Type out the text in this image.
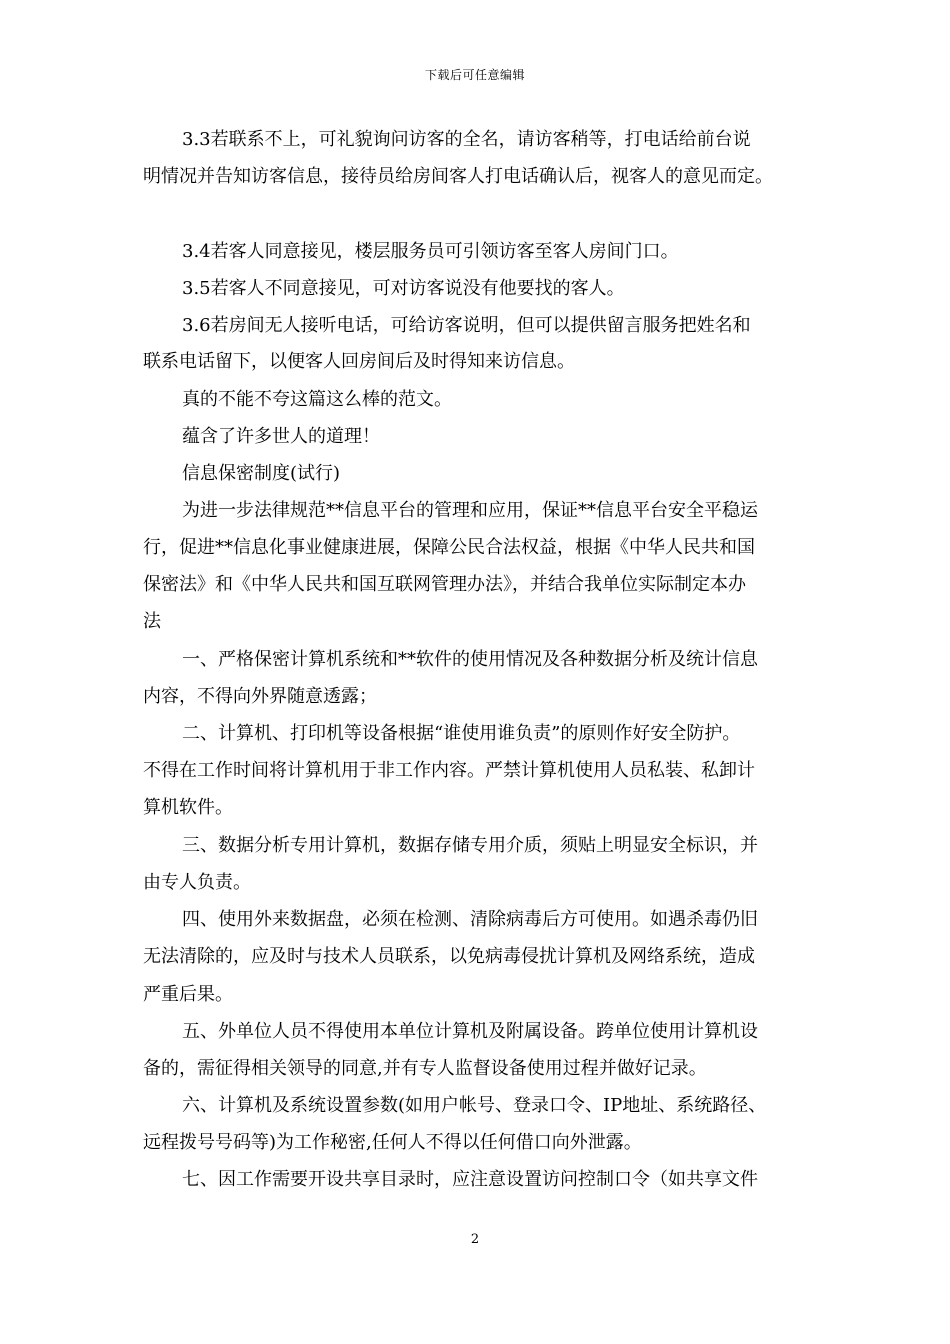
下载后可任意编辑
3.3若联系不上，可礼貌询问访客的全名，请访客稍等，打电话给前台说
明情况并告知访客信息，接待员给房间客人打电话确认后，视客人的意见而定。
3.4若客人同意接见，楼层服务员可引领访客至客人房间门口。
3.5若客人不同意接见，可对访客说没有他要找的客人。
3.6若房间无人接听电话，可给访客说明，但可以提供留言服务把姓名和
联系电话留下，以便客人回房间后及时得知来访信息。
真的不能不夸这篇这么棒的范文。
蕴含了许多世人的道理！
信息保密制度(试行)
为进一步法律规范**信息平台的管理和应用，保证**信息平台安全平稳运
行，促进**信息化事业健康进展，保障公民合法权益，根据《中华人民共和国
保密法》和《中华人民共和国互联网管理办法》，并结合我单位实际制定本办
法
一、严格保密计算机系统和**软件的使用情况及各种数据分析及统计信息
内容，不得向外界随意透露；
二、计算机、打印机等设备根据“谁使用谁负责”的原则作好安全防护。
不得在工作时间将计算机用于非工作内容。严禁计算机使用人员私装、私卸计
算机软件。
三、数据分析专用计算机，数据存储专用介质，须贴上明显安全标识，并
由专人负责。
四、使用外来数据盘，必须在检测、清除病毒后方可使用。如遇杀毒仍旧
无法清除的，应及时与技术人员联系，以免病毒侵扰计算机及网络系统，造成
严重后果。
五、外单位人员不得使用本单位计算机及附属设备。跨单位使用计算机设
备的，需征得相关领导的同意,并有专人监督设备使用过程并做好记录。
六、计算机及系统设置参数(如用户帐号、登录口令、IP地址、系统路径、
远程拨号号码等)为工作秘密,任何人不得以任何借口向外泄露。
七、因工作需要开设共享目录时，应注意设置访问控制口令（如共享文件
2
